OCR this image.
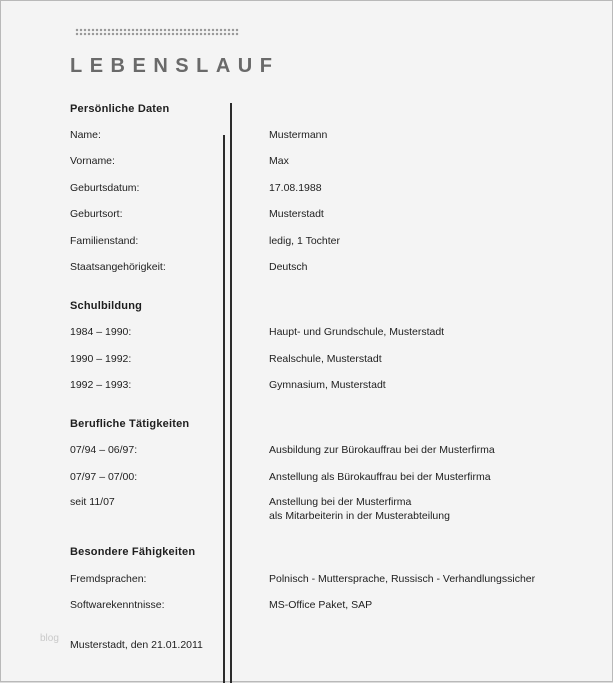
LEBENSLAUF
Persönliche Daten
Name:	Mustermann
Vorname:	Max
Geburtsdatum:	17.08.1988
Geburtsort:	Musterstadt
Familienstand:	ledig, 1 Tochter
Staatsangehörigkeit:	Deutsch
Schulbildung
1984 – 1990:	Haupt- und Grundschule, Musterstadt
1990 – 1992:	Realschule, Musterstadt
1992 – 1993:	Gymnasium, Musterstadt
Berufliche Tätigkeiten
07/94 – 06/97:	Ausbildung zur Bürokauffrau bei der Musterfirma
07/97 – 07/00:	Anstellung als Bürokauffrau bei der Musterfirma
seit 11/07	Anstellung bei der Musterfirma
als Mitarbeiterin in der Musterabteilung
Besondere Fähigkeiten
Fremdsprachen:	Polnisch - Muttersprache, Russisch - Verhandlungssicher
Softwarekenntnisse:	MS-Office Paket, SAP
blog
Musterstadt, den 21.01.2011
